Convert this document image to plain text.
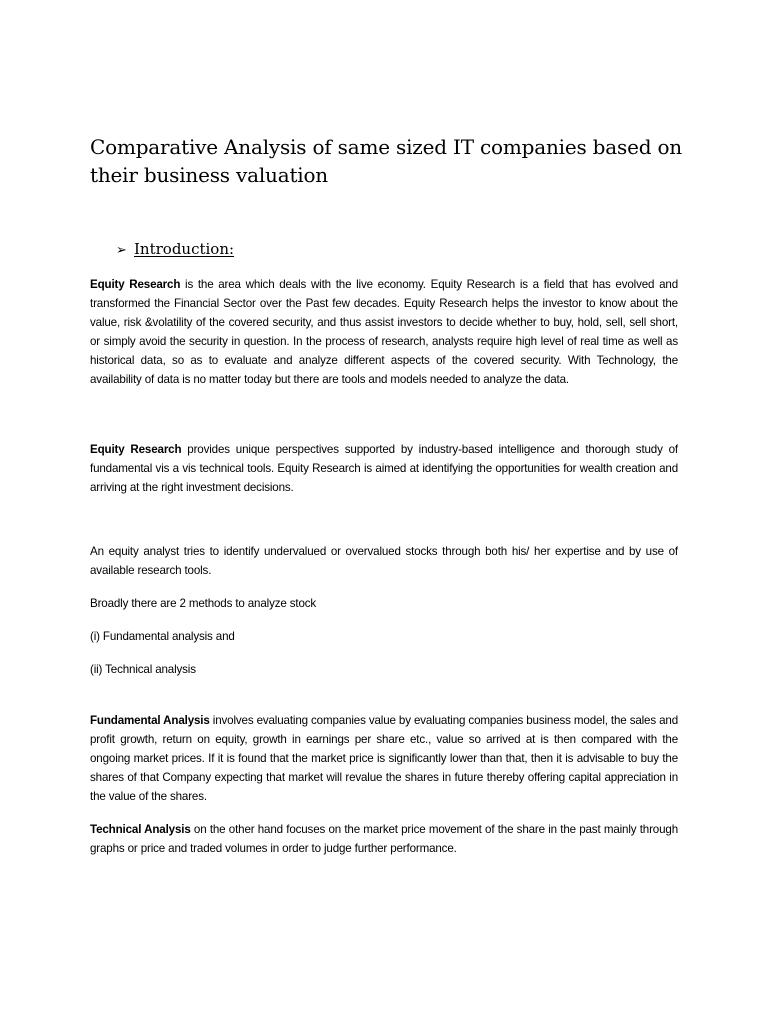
Comparative Analysis of same sized IT companies based on their business valuation
➢ Introduction:

Equity Research is the area which deals with the live economy. Equity Research is a field that has evolved and transformed the Financial Sector over the Past few decades. Equity Research helps the investor to know about the value, risk &volatility of the covered security, and thus assist investors to decide whether to buy, hold, sell, sell short, or simply avoid the security in question. In the process of research, analysts require high level of real time as well as historical data, so as to evaluate and analyze different aspects of the covered security. With Technology, the availability of data is no matter today but there are tools and models needed to analyze the data.

Equity Research provides unique perspectives supported by industry-based intelligence and thorough study of fundamental vis a vis technical tools. Equity Research is aimed at identifying the opportunities for wealth creation and arriving at the right investment decisions.

An equity analyst tries to identify undervalued or overvalued stocks through both his/ her expertise and by use of available research tools.

Broadly there are 2 methods to analyze stock

(i) Fundamental analysis and

(ii) Technical analysis

Fundamental Analysis involves evaluating companies value by evaluating companies business model, the sales and profit growth, return on equity, growth in earnings per share etc., value so arrived at is then compared with the ongoing market prices. If it is found that the market price is significantly lower than that, then it is advisable to buy the shares of that Company expecting that market will revalue the shares in future thereby offering capital appreciation in the value of the shares.

Technical Analysis on the other hand focuses on the market price movement of the share in the past mainly through graphs or price and traded volumes in order to judge further performance.
